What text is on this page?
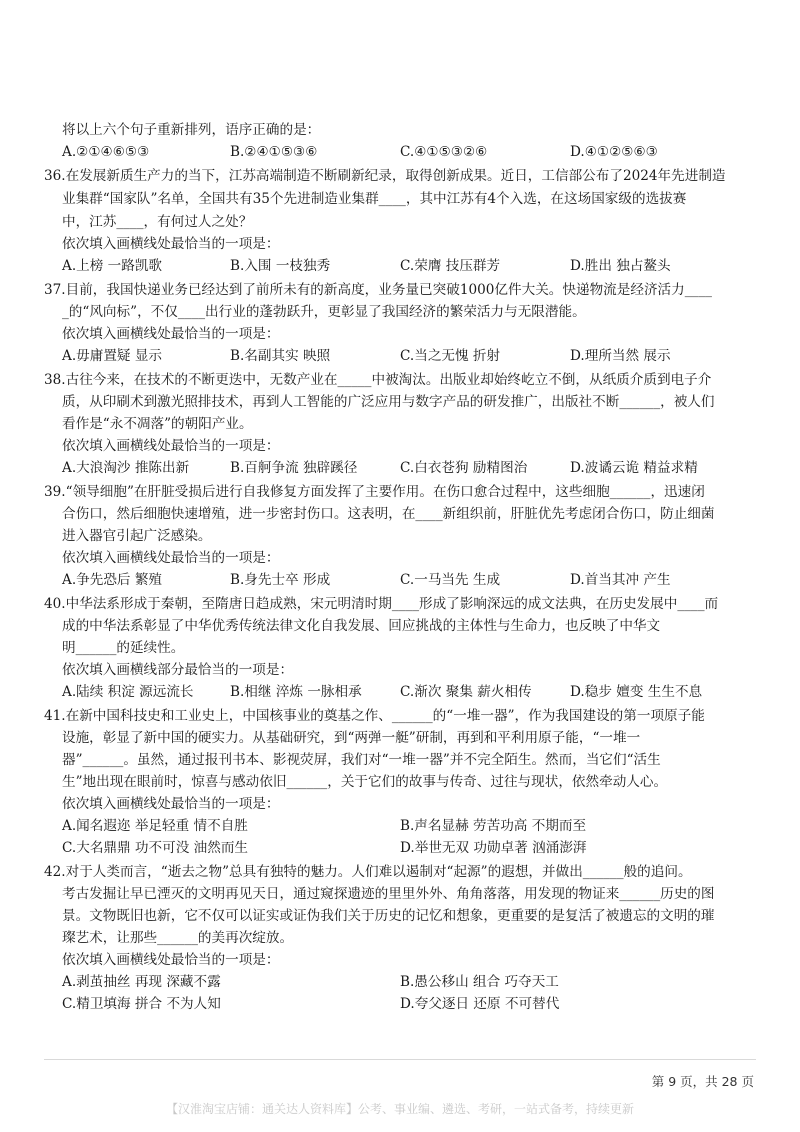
将以上六个句子重新排列，语序正确的是：
A.②①④⑥⑤③	B.②④①⑤③⑥	C.④①⑤③②⑥	D.④①②⑤⑥③
36.在发展新质生产力的当下，江苏高端制造不断刷新纪录，取得创新成果。近日，工信部公布了2024年先进制造
业集群“国家队”名单，全国共有35个先进制造业集群____，其中江苏有4个入选，在这场国家级的选拔赛
中，江苏____，有何过人之处？
依次填入画横线处最恰当的一项是：
A.上榜 一路凯歌	B.入围 一枝独秀	C.荣膺 技压群芳	D.胜出 独占鳌头
37.目前，我国快递业务已经达到了前所未有的新高度，业务量已突破1000亿件大关。快递物流是经济活力____
_的“风向标”，不仅____出行业的蓬勃跃升，更彰显了我国经济的繁荣活力与无限潜能。
依次填入画横线处最恰当的一项是：
A.毋庸置疑 显示	B.名副其实 映照	C.当之无愧 折射	D.理所当然 展示
38.古往今来，在技术的不断更迭中，无数产业在_____中被淘汰。出版业却始终屹立不倒，从纸质介质到电子介
质，从印刷术到激光照排技术，再到人工智能的广泛应用与数字产品的研发推广，出版社不断______，被人们
看作是“永不凋落”的朝阳产业。
依次填入画横线处最恰当的一项是：
A.大浪淘沙 推陈出新	B.百舸争流 独辟蹊径	C.白衣苍狗 励精图治	D.波谲云诡 精益求精
39.“领导细胞”在肝脏受损后进行自我修复方面发挥了主要作用。在伤口愈合过程中，这些细胞______，迅速闭
合伤口，然后细胞快速增殖，进一步密封伤口。这表明，在____新组织前，肝脏优先考虑闭合伤口，防止细菌
进入器官引起广泛感染。
依次填入画横线处最恰当的一项是：
A.争先恐后 繁殖	B.身先士卒 形成	C.一马当先 生成	D.首当其冲 产生
40.中华法系形成于秦朝，至隋唐日趋成熟，宋元明清时期____形成了影响深远的成文法典，在历史发展中____而
成的中华法系彰显了中华优秀传统法律文化自我发展、回应挑战的主体性与生命力，也反映了中华文
明______的延续性。
依次填入画横线部分最恰当的一项是：
A.陆续 积淀 源远流长	B.相继 淬炼 一脉相承	C.渐次 聚集 薪火相传	D.稳步 嬗变 生生不息
41.在新中国科技史和工业史上，中国核事业的奠基之作、______的“一堆一器”，作为我国建设的第一项原子能
设施，彰显了新中国的硬实力。从基础研究，到“两弹一艇”研制，再到和平利用原子能，“一堆一
器”______。虽然，通过报刊书本、影视荧屏，我们对“一堆一器”并不完全陌生。然而，当它们“活生
生”地出现在眼前时，惊喜与感动依旧______，关于它们的故事与传奇、过往与现状，依然牵动人心。
依次填入画横线处最恰当的一项是：
A.闻名遐迩 举足轻重 情不自胜	B.声名显赫 劳苦功高 不期而至
C.大名鼎鼎 功不可没 油然而生	D.举世无双 功勋卓著 汹涌澎湃
42.对于人类而言，“逝去之物”总具有独特的魅力。人们难以遏制对“起源”的遐想，并做出______般的追问。
考古发掘让早已湮灭的文明再见天日，通过窥探遗迹的里里外外、角角落落，用发现的物证来______历史的图
景。文物既旧也新，它不仅可以证实或证伪我们关于历史的记忆和想象，更重要的是复活了被遗忘的文明的璀
璨艺术，让那些______的美再次绽放。
依次填入画横线处最恰当的一项是：
A.剥茧抽丝 再现 深藏不露	B.愚公移山 组合 巧夺天工
C.精卫填海 拼合 不为人知	D.夸父逐日 还原 不可替代
第 9 页，共 28 页
【汉淮淘宝店铺：通关达人资料库】公考、事业编、遴选、考研，一站式备考，持续更新
